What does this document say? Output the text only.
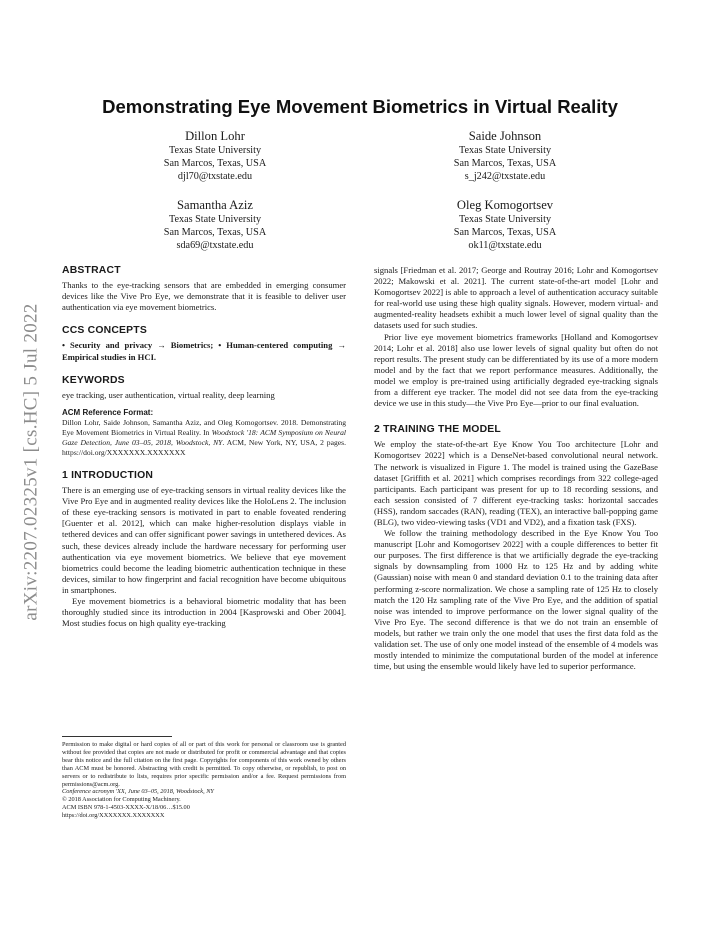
arXiv:2207.02325v1 [cs.HC] 5 Jul 2022
Demonstrating Eye Movement Biometrics in Virtual Reality
Dillon Lohr
Texas State University
San Marcos, Texas, USA
djl70@txstate.edu
Saide Johnson
Texas State University
San Marcos, Texas, USA
s_j242@txstate.edu
Samantha Aziz
Texas State University
San Marcos, Texas, USA
sda69@txstate.edu
Oleg Komogortsev
Texas State University
San Marcos, Texas, USA
ok11@txstate.edu
ABSTRACT

Thanks to the eye-tracking sensors that are embedded in emerging consumer devices like the Vive Pro Eye, we demonstrate that it is feasible to deliver user authentication via eye movement biometrics.

CCS CONCEPTS

• Security and privacy → Biometrics; • Human-centered computing → Empirical studies in HCI.

KEYWORDS

eye tracking, user authentication, virtual reality, deep learning

ACM Reference Format:

Dillon Lohr, Saide Johnson, Samantha Aziz, and Oleg Komogortsev. 2018. Demonstrating Eye Movement Biometrics in Virtual Reality. In Woodstock '18: ACM Symposium on Neural Gaze Detection, June 03–05, 2018, Woodstock, NY. ACM, New York, NY, USA, 2 pages. https://doi.org/XXXXXXX.XXXXXXX

1 INTRODUCTION

There is an emerging use of eye-tracking sensors in virtual reality devices like the Vive Pro Eye and in augmented reality devices like the HoloLens 2. The inclusion of these eye-tracking sensors is motivated in part to enable foveated rendering [Guenter et al. 2012], which can make higher-resolution displays viable in tethered devices and can offer significant power savings in untethered devices. As such, these devices already include the hardware necessary for performing user authentication via eye movement biometrics. We believe that eye movement biometrics could become the leading biometric authentication technique in these devices, similar to how fingerprint and facial recognition have become ubiquitous in smartphones.

Eye movement biometrics is a behavioral biometric modality that has been thoroughly studied since its introduction in 2004 [Kasprowski and Ober 2004]. Most studies focus on high quality eye-tracking

Permission to make digital or hard copies of all or part of this work for personal or classroom use is granted without fee provided that copies are not made or distributed for profit or commercial advantage and that copies bear this notice and the full citation on the first page. Copyrights for components of this work owned by others than ACM must be honored. Abstracting with credit is permitted. To copy otherwise, or republish, to post on servers or to redistribute to lists, requires prior specific permission and/or a fee. Request permissions from permissions@acm.org.

Conference acronym 'XX, June 03–05, 2018, Woodstock, NY

© 2018 Association for Computing Machinery.

ACM ISBN 978-1-4503-XXXX-X/18/06…$15.00

https://doi.org/XXXXXXX.XXXXXXX

signals [Friedman et al. 2017; George and Routray 2016; Lohr and Komogortsev 2022; Makowski et al. 2021]. The current state-of-the-art model [Lohr and Komogortsev 2022] is able to approach a level of authentication accuracy suitable for real-world use using these high quality signals. However, modern virtual- and augmented-reality headsets exhibit a much lower level of signal quality than the datasets used for such studies.

Prior live eye movement biometrics frameworks [Holland and Komogortsev 2014; Lohr et al. 2018] also use lower levels of signal quality but often do not report results. The present study can be differentiated by its use of a more modern model and by the fact that we report performance measures. Additionally, the model we employ is pre-trained using artificially degraded eye-tracking signals from a different eye tracker. The model did not see data from the eye-tracking device we use in this study—the Vive Pro Eye—prior to our final evaluation.

2 TRAINING THE MODEL

We employ the state-of-the-art Eye Know You Too architecture [Lohr and Komogortsev 2022] which is a DenseNet-based convolutional neural network. The network is visualized in Figure 1. The model is trained using the GazeBase dataset [Griffith et al. 2021] which comprises recordings from 322 college-aged participants. Each participant was present for up to 18 recording sessions, and each session consisted of 7 different eye-tracking tasks: horizontal saccades (HSS), random saccades (RAN), reading (TEX), an interactive ball-popping game (BLG), two video-viewing tasks (VD1 and VD2), and a fixation task (FXS).

We follow the training methodology described in the Eye Know You Too manuscript [Lohr and Komogortsev 2022] with a couple differences to better fit our purposes. The first difference is that we artificially degrade the eye-tracking signals by downsampling from 1000 Hz to 125 Hz and by adding white (Gaussian) noise with mean 0 and standard deviation 0.1 to the training data after performing z-score normalization. We chose a sampling rate of 125 Hz to closely match the 120 Hz sampling rate of the Vive Pro Eye, and the addition of spatial noise was intended to improve performance on the lower signal quality of the Vive Pro Eye. The second difference is that we do not train an ensemble of models, but rather we train only the one model that uses the first data fold as the validation set. The use of only one model instead of the ensemble of 4 models was mostly intended to minimize the computational burden of the model at inference time, but using the ensemble would likely have led to superior performance.
